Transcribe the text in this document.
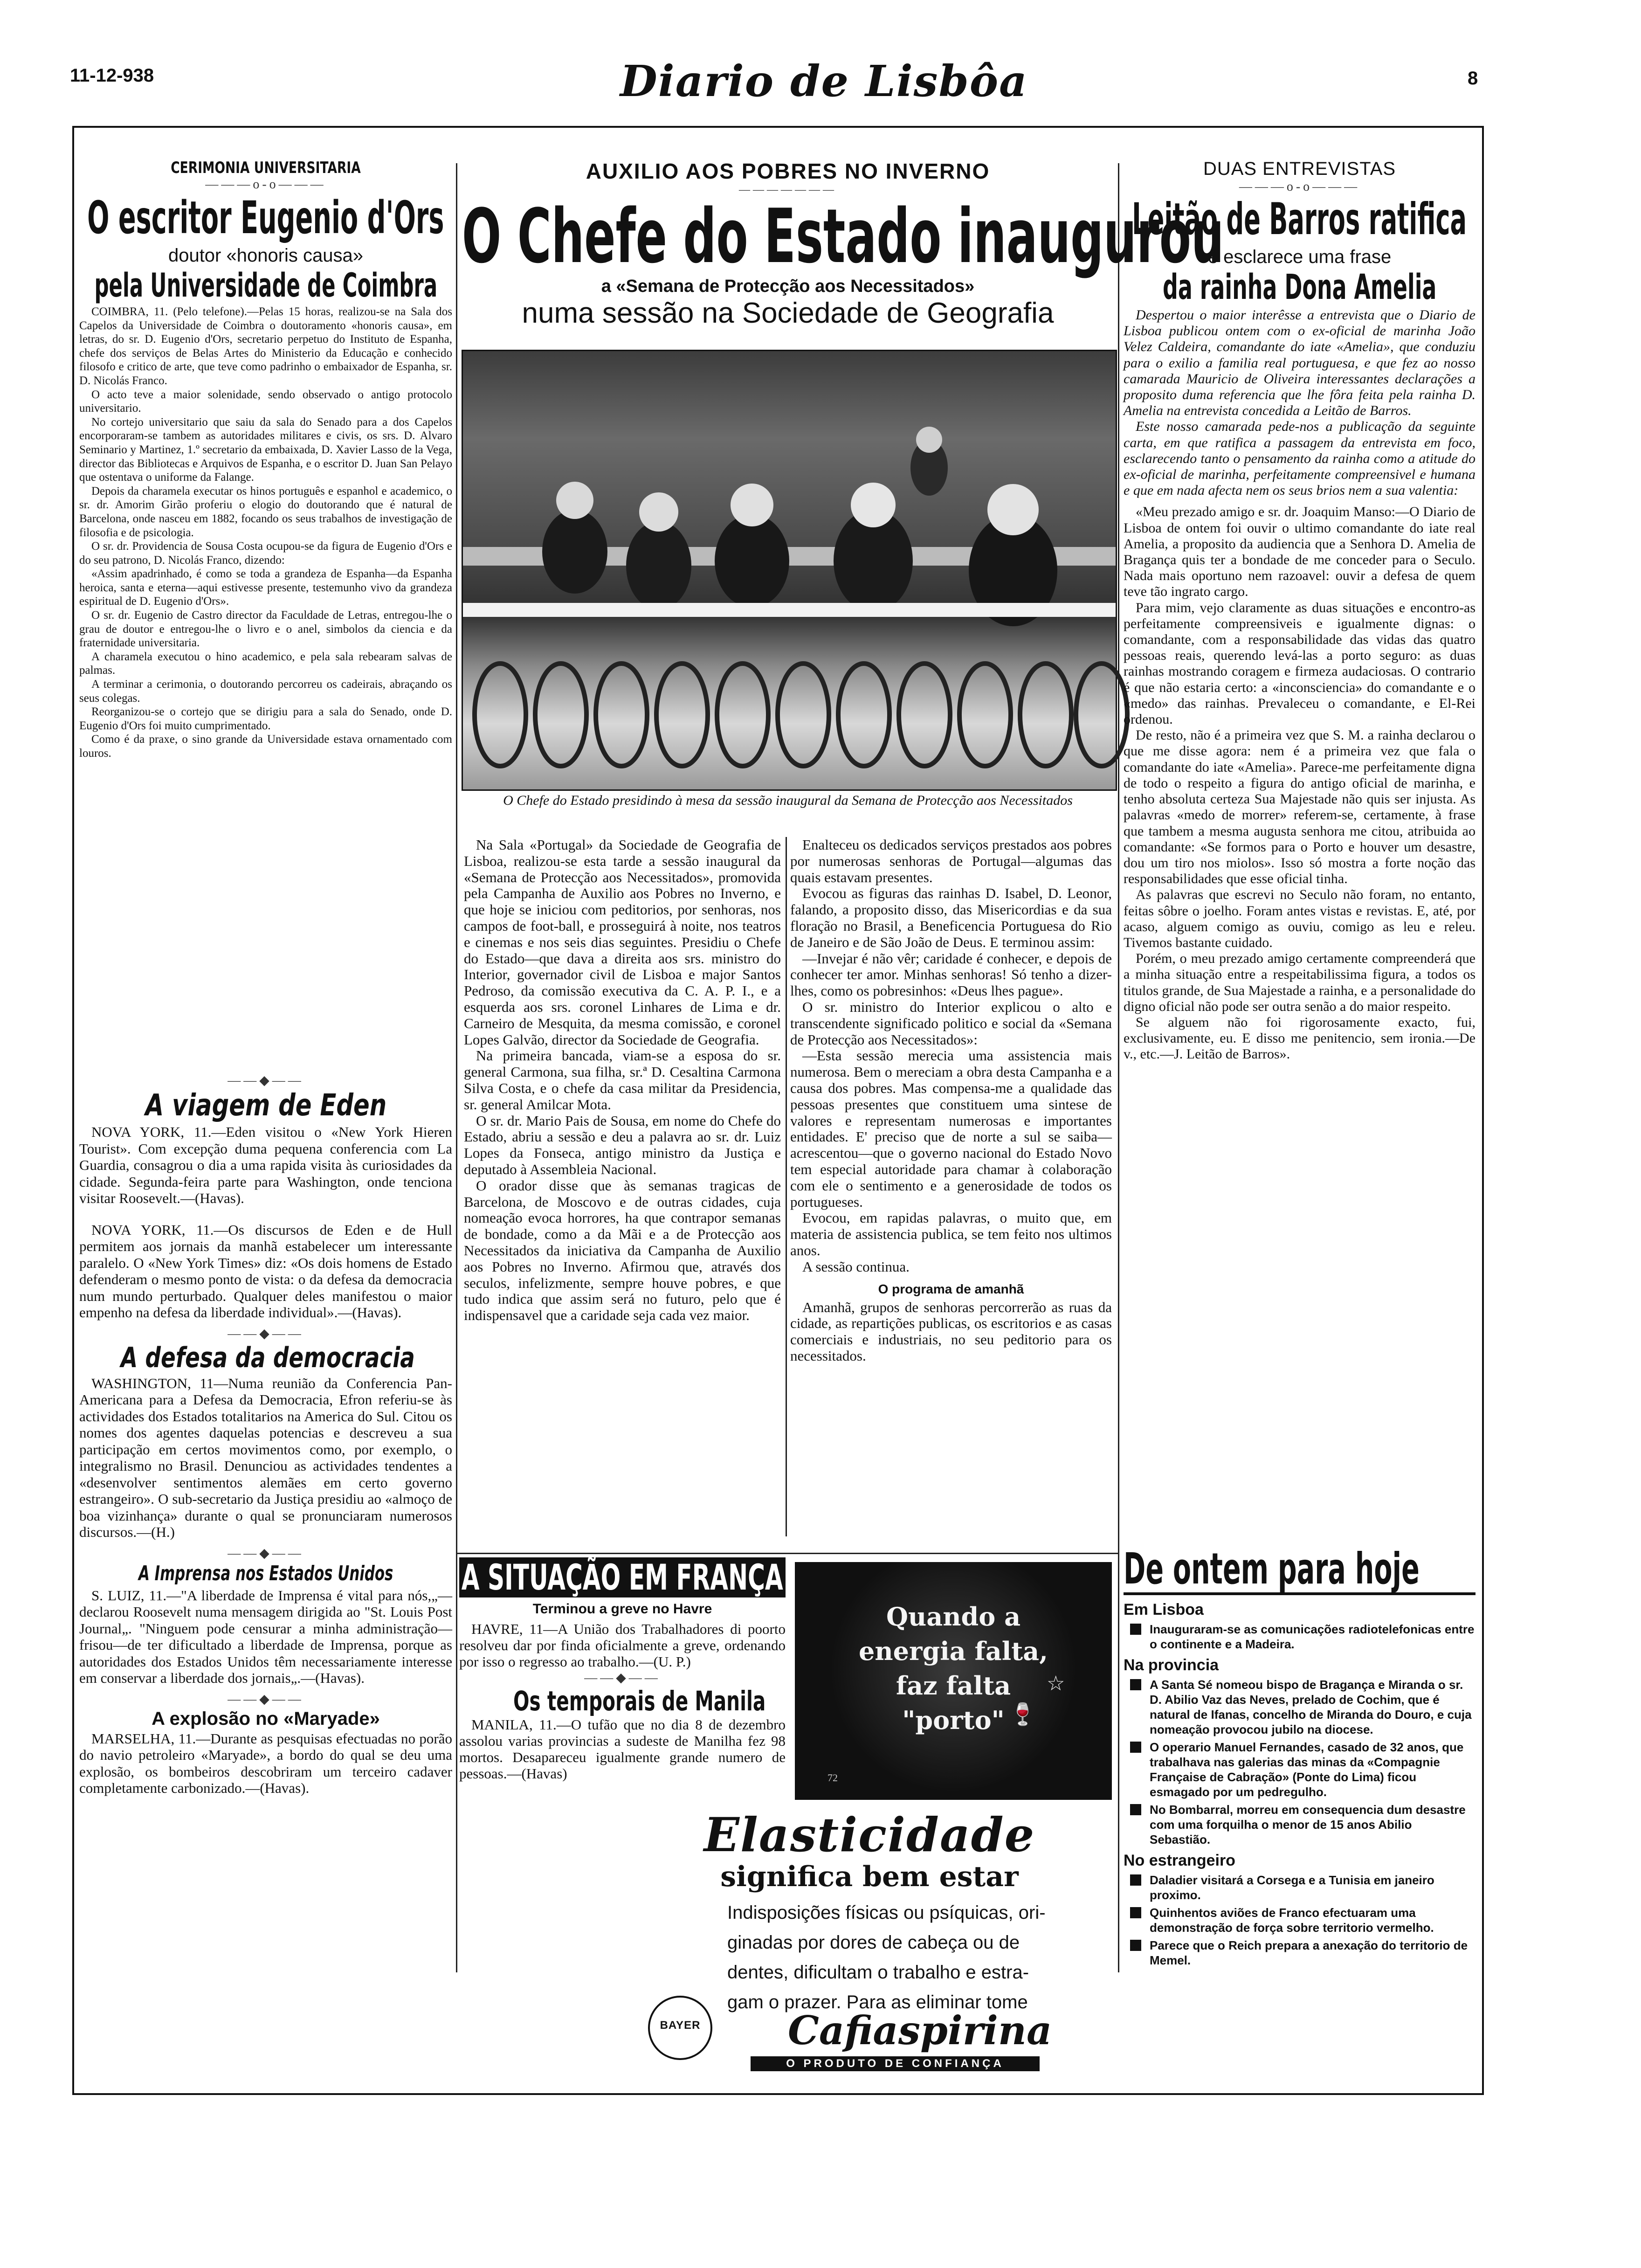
11-12-938	Diario de Lisbôa	8
CERIMONIA UNIVERSITARIA
———o-o———
O escritor Eugenio d'Ors
doutor «honoris causa»
pela Universidade de Coimbra

COIMBRA, 11. (Pelo telefone).—Pelas 15 horas, realizou-se na Sala dos Capelos da Universidade de Coimbra o doutoramento «honoris causa», em letras, do sr. D. Eugenio d'Ors, secretario perpetuo do Instituto de Espanha, chefe dos serviços de Belas Artes do Ministerio da Educação e conhecido filosofo e critico de arte, que teve como padrinho o embaixador de Espanha, sr. D. Nicolás Franco.

O acto teve a maior solenidade, sendo observado o antigo protocolo universitario.

No cortejo universitario que saiu da sala do Senado para a dos Capelos encorporaram-se tambem as autoridades militares e civis, os srs. D. Alvaro Seminario y Martinez, 1.º secretario da embaixada, D. Xavier Lasso de la Vega, director das Bibliotecas e Arquivos de Espanha, e o escritor D. Juan San Pelayo que ostentava o uniforme da Falange.

Depois da charamela executar os hinos português e espanhol e academico, o sr. dr. Amorim Girão proferiu o elogio do doutorando que é natural de Barcelona, onde nasceu em 1882, focando os seus trabalhos de investigação de filosofia e de psicologia.

O sr. dr. Providencia de Sousa Costa ocupou-se da figura de Eugenio d'Ors e do seu patrono, D. Nicolás Franco, dizendo:

«Assim apadrinhado, é como se toda a grandeza de Espanha—da Espanha heroica, santa e eterna—aqui estivesse presente, testemunho vivo da grandeza espiritual de D. Eugenio d'Ors».

O sr. dr. Eugenio de Castro director da Faculdade de Letras, entregou-lhe o grau de doutor e entregou-lhe o livro e o anel, simbolos da ciencia e da fraternidade universitaria.

A charamela executou o hino academico, e pela sala rebearam salvas de palmas.

A terminar a cerimonia, o doutorando percorreu os cadeirais, abraçando os seus colegas.

Reorganizou-se o cortejo que se dirigiu para a sala do Senado, onde D. Eugenio d'Ors foi muito cumprimentado.

Como é da praxe, o sino grande da Universidade estava ornamentado com louros.

——◆——
A viagem de Eden

NOVA YORK, 11.—Eden visitou o «New York Hieren Tourist». Com excepção duma pequena conferencia com La Guardia, consagrou o dia a uma rapida visita às curiosidades da cidade. Segunda-feira parte para Washington, onde tenciona visitar Roosevelt.—(Havas).

NOVA YORK, 11.—Os discursos de Eden e de Hull permitem aos jornais da manhã estabelecer um interessante paralelo. O «New York Times» diz: «Os dois homens de Estado defenderam o mesmo ponto de vista: o da defesa da democracia num mundo perturbado. Qualquer deles manifestou o maior empenho na defesa da liberdade individual».—(Havas).

——◆——
A defesa da democracia

WASHINGTON, 11—Numa reunião da Conferencia Pan-Americana para a Defesa da Democracia, Efron referiu-se às actividades dos Estados totalitarios na America do Sul. Citou os nomes dos agentes daquelas potencias e descreveu a sua participação em certos movimentos como, por exemplo, o integralismo no Brasil. Denunciou as actividades tendentes a «desenvolver sentimentos alemães em certo governo estrangeiro». O sub-secretario da Justiça presidiu ao «almoço de boa vizinhança» durante o qual se pronunciaram numerosos discursos.—(H.)

——◆——
A Imprensa nos Estados Unidos

S. LUIZ, 11.—"A liberdade de Imprensa é vital para nós,„—declarou Roosevelt numa mensagem dirigida ao "St. Louis Post Journal„. "Ninguem pode censurar a minha administração—frisou—de ter dificultado a liberdade de Imprensa, porque as autoridades dos Estados Unidos têm necessariamente interesse em conservar a liberdade dos jornais„.—(Havas).

——◆——
A explosão no «Maryade»

MARSELHA, 11.—Durante as pesquisas efectuadas no porão do navio petroleiro «Maryade», a bordo do qual se deu uma explosão, os bombeiros descobriram um terceiro cadaver completamente carbonizado.—(Havas).

AUXILIO AOS POBRES NO INVERNO
———————
O Chefe do Estado inaugurou
a «Semana de Protecção aos Necessitados»
numa sessão na Sociedade de Geografia
O Chefe do Estado presidindo à mesa da sessão inaugural da Semana de Protecção aos Necessitados

Na Sala «Portugal» da Sociedade de Geografia de Lisboa, realizou-se esta tarde a sessão inaugural da «Semana de Protecção aos Necessitados», promovida pela Campanha de Auxilio aos Pobres no Inverno, e que hoje se iniciou com peditorios, por senhoras, nos campos de foot-ball, e prosseguirá à noite, nos teatros e cinemas e nos seis dias seguintes. Presidiu o Chefe do Estado—que dava a direita aos srs. ministro do Interior, governador civil de Lisboa e major Santos Pedroso, da comissão executiva da C. A. P. I., e a esquerda aos srs. coronel Linhares de Lima e dr. Carneiro de Mesquita, da mesma comissão, e coronel Lopes Galvão, director da Sociedade de Geografia.

Na primeira bancada, viam-se a esposa do sr. general Carmona, sua filha, sr.ª D. Cesaltina Carmona Silva Costa, e o chefe da casa militar da Presidencia, sr. general Amilcar Mota.

O sr. dr. Mario Pais de Sousa, em nome do Chefe do Estado, abriu a sessão e deu a palavra ao sr. dr. Luiz Lopes da Fonseca, antigo ministro da Justiça e deputado à Assembleia Nacional.

O orador disse que às semanas tragicas de Barcelona, de Moscovo e de outras cidades, cuja nomeação evoca horrores, ha que contrapor semanas de bondade, como a da Mãi e a de Protecção aos Necessitados da iniciativa da Campanha de Auxilio aos Pobres no Inverno. Afirmou que, através dos seculos, infelizmente, sempre houve pobres, e que tudo indica que assim será no futuro, pelo que é indispensavel que a caridade seja cada vez maior.

Enalteceu os dedicados serviços prestados aos pobres por numerosas senhoras de Portugal—algumas das quais estavam presentes.

Evocou as figuras das rainhas D. Isabel, D. Leonor, falando, a proposito disso, das Misericordias e da sua floração no Brasil, a Beneficencia Portuguesa do Rio de Janeiro e de São João de Deus. E terminou assim:

—Invejar é não vêr; caridade é conhecer, e depois de conhecer ter amor. Minhas senhoras! Só tenho a dizer-lhes, como os pobresinhos: «Deus lhes pague».

O sr. ministro do Interior explicou o alto e transcendente significado politico e social da «Semana de Protecção aos Necessitados»:

—Esta sessão merecia uma assistencia mais numerosa. Bem o mereciam a obra desta Campanha e a causa dos pobres. Mas compensa-me a qualidade das pessoas presentes que constituem uma sintese de valores e representam numerosas e importantes entidades. E' preciso que de norte a sul se saiba—acrescentou—que o governo nacional do Estado Novo tem especial autoridade para chamar à colaboração com ele o sentimento e a generosidade de todos os portugueses.

Evocou, em rapidas palavras, o muito que, em materia de assistencia publica, se tem feito nos ultimos anos.

A sessão continua.

O programa de amanhã

Amanhã, grupos de senhoras percorrerão as ruas da cidade, as repartições publicas, os escritorios e as casas comerciais e industriais, no seu peditorio para os necessitados.

A SITUAÇÃO EM FRANÇA
Terminou a greve no Havre

HAVRE, 11—A União dos Trabalhadores di poorto resolveu dar por finda oficialmente a greve, ordenando por isso o regresso ao trabalho.—(U. P.)

——◆——
Os temporais de Manila

MANILA, 11.—O tufão que no dia 8 de dezembro assolou varias provincias a sudeste de Manilha fez 98 mortos. Desapareceu igualmente grande numero de pessoas.—(Havas)

Quando a
energia falta,
faz falta
"porto" 🍷
☆
72
Elasticidade
significa bem estar
Indisposições físicas ou psíquicas, ori-
ginadas por dores de cabeça ou de
dentes, dificultam o trabalho e estra-
gam o prazer. Para as eliminar tome
BAYER Cafiaspirina
O PRODUTO DE CONFIANÇA
DUAS ENTREVISTAS
———o-o———
Leitão de Barros ratifica
e esclarece uma frase
da rainha Dona Amelia

Despertou o maior interêsse a entrevista que o Diario de Lisboa publicou ontem com o ex-oficial de marinha João Velez Caldeira, comandante do iate «Amelia», que conduziu para o exilio a familia real portuguesa, e que fez ao nosso camarada Mauricio de Oliveira interessantes declarações a proposito duma referencia que lhe fôra feita pela rainha D. Amelia na entrevista concedida a Leitão de Barros.

Este nosso camarada pede-nos a publicação da seguinte carta, em que ratifica a passagem da entrevista em foco, esclarecendo tanto o pensamento da rainha como a atitude do ex-oficial de marinha, perfeitamente compreensivel e humana e que em nada afecta nem os seus brios nem a sua valentia:

«Meu prezado amigo e sr. dr. Joaquim Manso:—O Diario de Lisboa de ontem foi ouvir o ultimo comandante do iate real Amelia, a proposito da audiencia que a Senhora D. Amelia de Bragança quis ter a bondade de me conceder para o Seculo. Nada mais oportuno nem razoavel: ouvir a defesa de quem teve tão ingrato cargo.

Para mim, vejo claramente as duas situações e encontro-as perfeitamente compreensiveis e igualmente dignas: o comandante, com a responsabilidade das vidas das quatro pessoas reais, querendo levá-las a porto seguro: as duas rainhas mostrando coragem e firmeza audaciosas. O contrario é que não estaria certo: a «inconsciencia» do comandante e o «medo» das rainhas. Prevaleceu o comandante, e El-Rei ordenou.

De resto, não é a primeira vez que S. M. a rainha declarou o que me disse agora: nem é a primeira vez que fala o comandante do iate «Amelia». Parece-me perfeitamente digna de todo o respeito a figura do antigo oficial de marinha, e tenho absoluta certeza Sua Majestade não quis ser injusta. As palavras «medo de morrer» referem-se, certamente, à frase que tambem a mesma augusta senhora me citou, atribuida ao comandante: «Se formos para o Porto e houver um desastre, dou um tiro nos miolos». Isso só mostra a forte noção das responsabilidades que esse oficial tinha.

As palavras que escrevi no Seculo não foram, no entanto, feitas sôbre o joelho. Foram antes vistas e revistas. E, até, por acaso, alguem comigo as ouviu, comigo as leu e releu. Tivemos bastante cuidado.

Porém, o meu prezado amigo certamente compreenderá que a minha situação entre a respeitabilissima figura, a todos os titulos grande, de Sua Majestade a rainha, e a personalidade do digno oficial não pode ser outra senão a do maior respeito.

Se alguem não foi rigorosamente exacto, fui, exclusivamente, eu. E disso me penitencio, sem ironia.—De v., etc.—J. Leitão de Barros».

De ontem para hoje
Em Lisboa
Inauguraram-se as comunicações radiotelefonicas entre o continente e a Madeira.
Na provincia
A Santa Sé nomeou bispo de Bragança e Miranda o sr. D. Abilio Vaz das Neves, prelado de Cochim, que é natural de Ifanas, concelho de Miranda do Douro, e cuja nomeação provocou jubilo na diocese.
O operario Manuel Fernandes, casado de 32 anos, que trabalhava nas galerias das minas da «Compagnie Française de Cabração» (Ponte do Lima) ficou esmagado por um pedregulho.
No Bombarral, morreu em consequencia dum desastre com uma forquilha o menor de 15 anos Abilio Sebastião.
No estrangeiro
Daladier visitará a Corsega e a Tunisia em janeiro proximo.
Quinhentos aviões de Franco efectuaram uma demonstração de força sobre territorio vermelho.
Parece que o Reich prepara a anexação do territorio de Memel.
